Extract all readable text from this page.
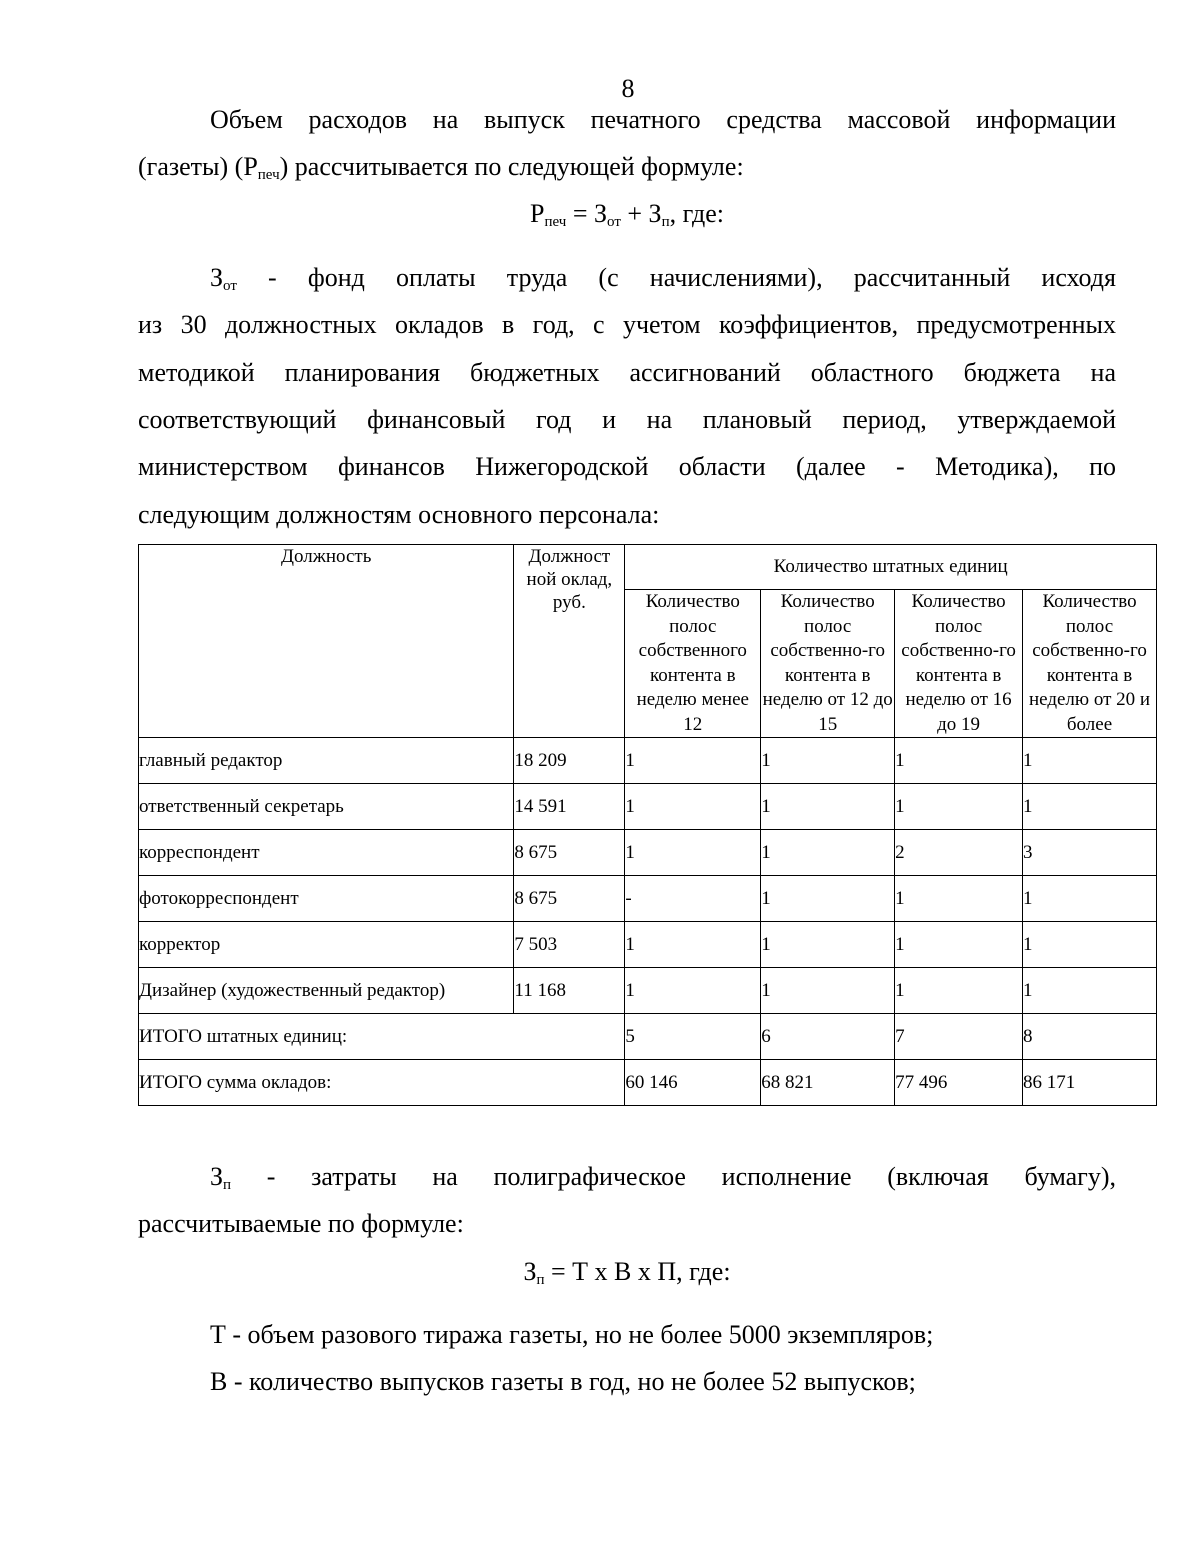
8

Объем расходов на выпуск печатного средства массовой информации

(газеты) $(Р_{печ})$ рассчитывается по следующей формуле:

$Р_{печ} = З_{от} + З_п$, где:

$З_{от}$ - фонд оплаты труда (с начислениями), рассчитанный исходя

из 30 должностных окладов в год, с учетом коэффициентов, предусмотренных

методикой планирования бюджетных ассигнований областного бюджета на

соответствующий финансовый год и на плановый период, утверждаемой

министерством финансов Нижегородской области (далее - Методика), по

следующим должностям основного персонала:

Должность	Должност ной оклад, руб.	Количество штатных единиц			
		Количество полос собственного контента в неделю менее 12	Количество полос собственно-го контента в неделю от 12 до 15	Количество полос собственно-го контента в неделю от 16 до 19	Количество полос собственно-го контента в неделю от 20 и более
главный редактор	18 209	1	1	1	1
ответственный секретарь	14 591	1	1	1	1
корреспондент	8 675	1	1	2	3
фотокорреспондент	8 675	-	1	1	1
корректор	7 503	1	1	1	1
Дизайнер (художественный редактор)	11 168	1	1	1	1
ИТОГО штатных единиц:		5	6	7	8
ИТОГО сумма окладов:		60 146	68 821	77 496	86 171

$З_п$ - затраты на полиграфическое исполнение (включая бумагу),

рассчитываемые по формуле:

$З_п = Т$ х В х П, где:
Т - объем разового тиража газеты, но не более 5000 экземпляров;
В - количество выпусков газеты в год, но не более 52 выпусков;
